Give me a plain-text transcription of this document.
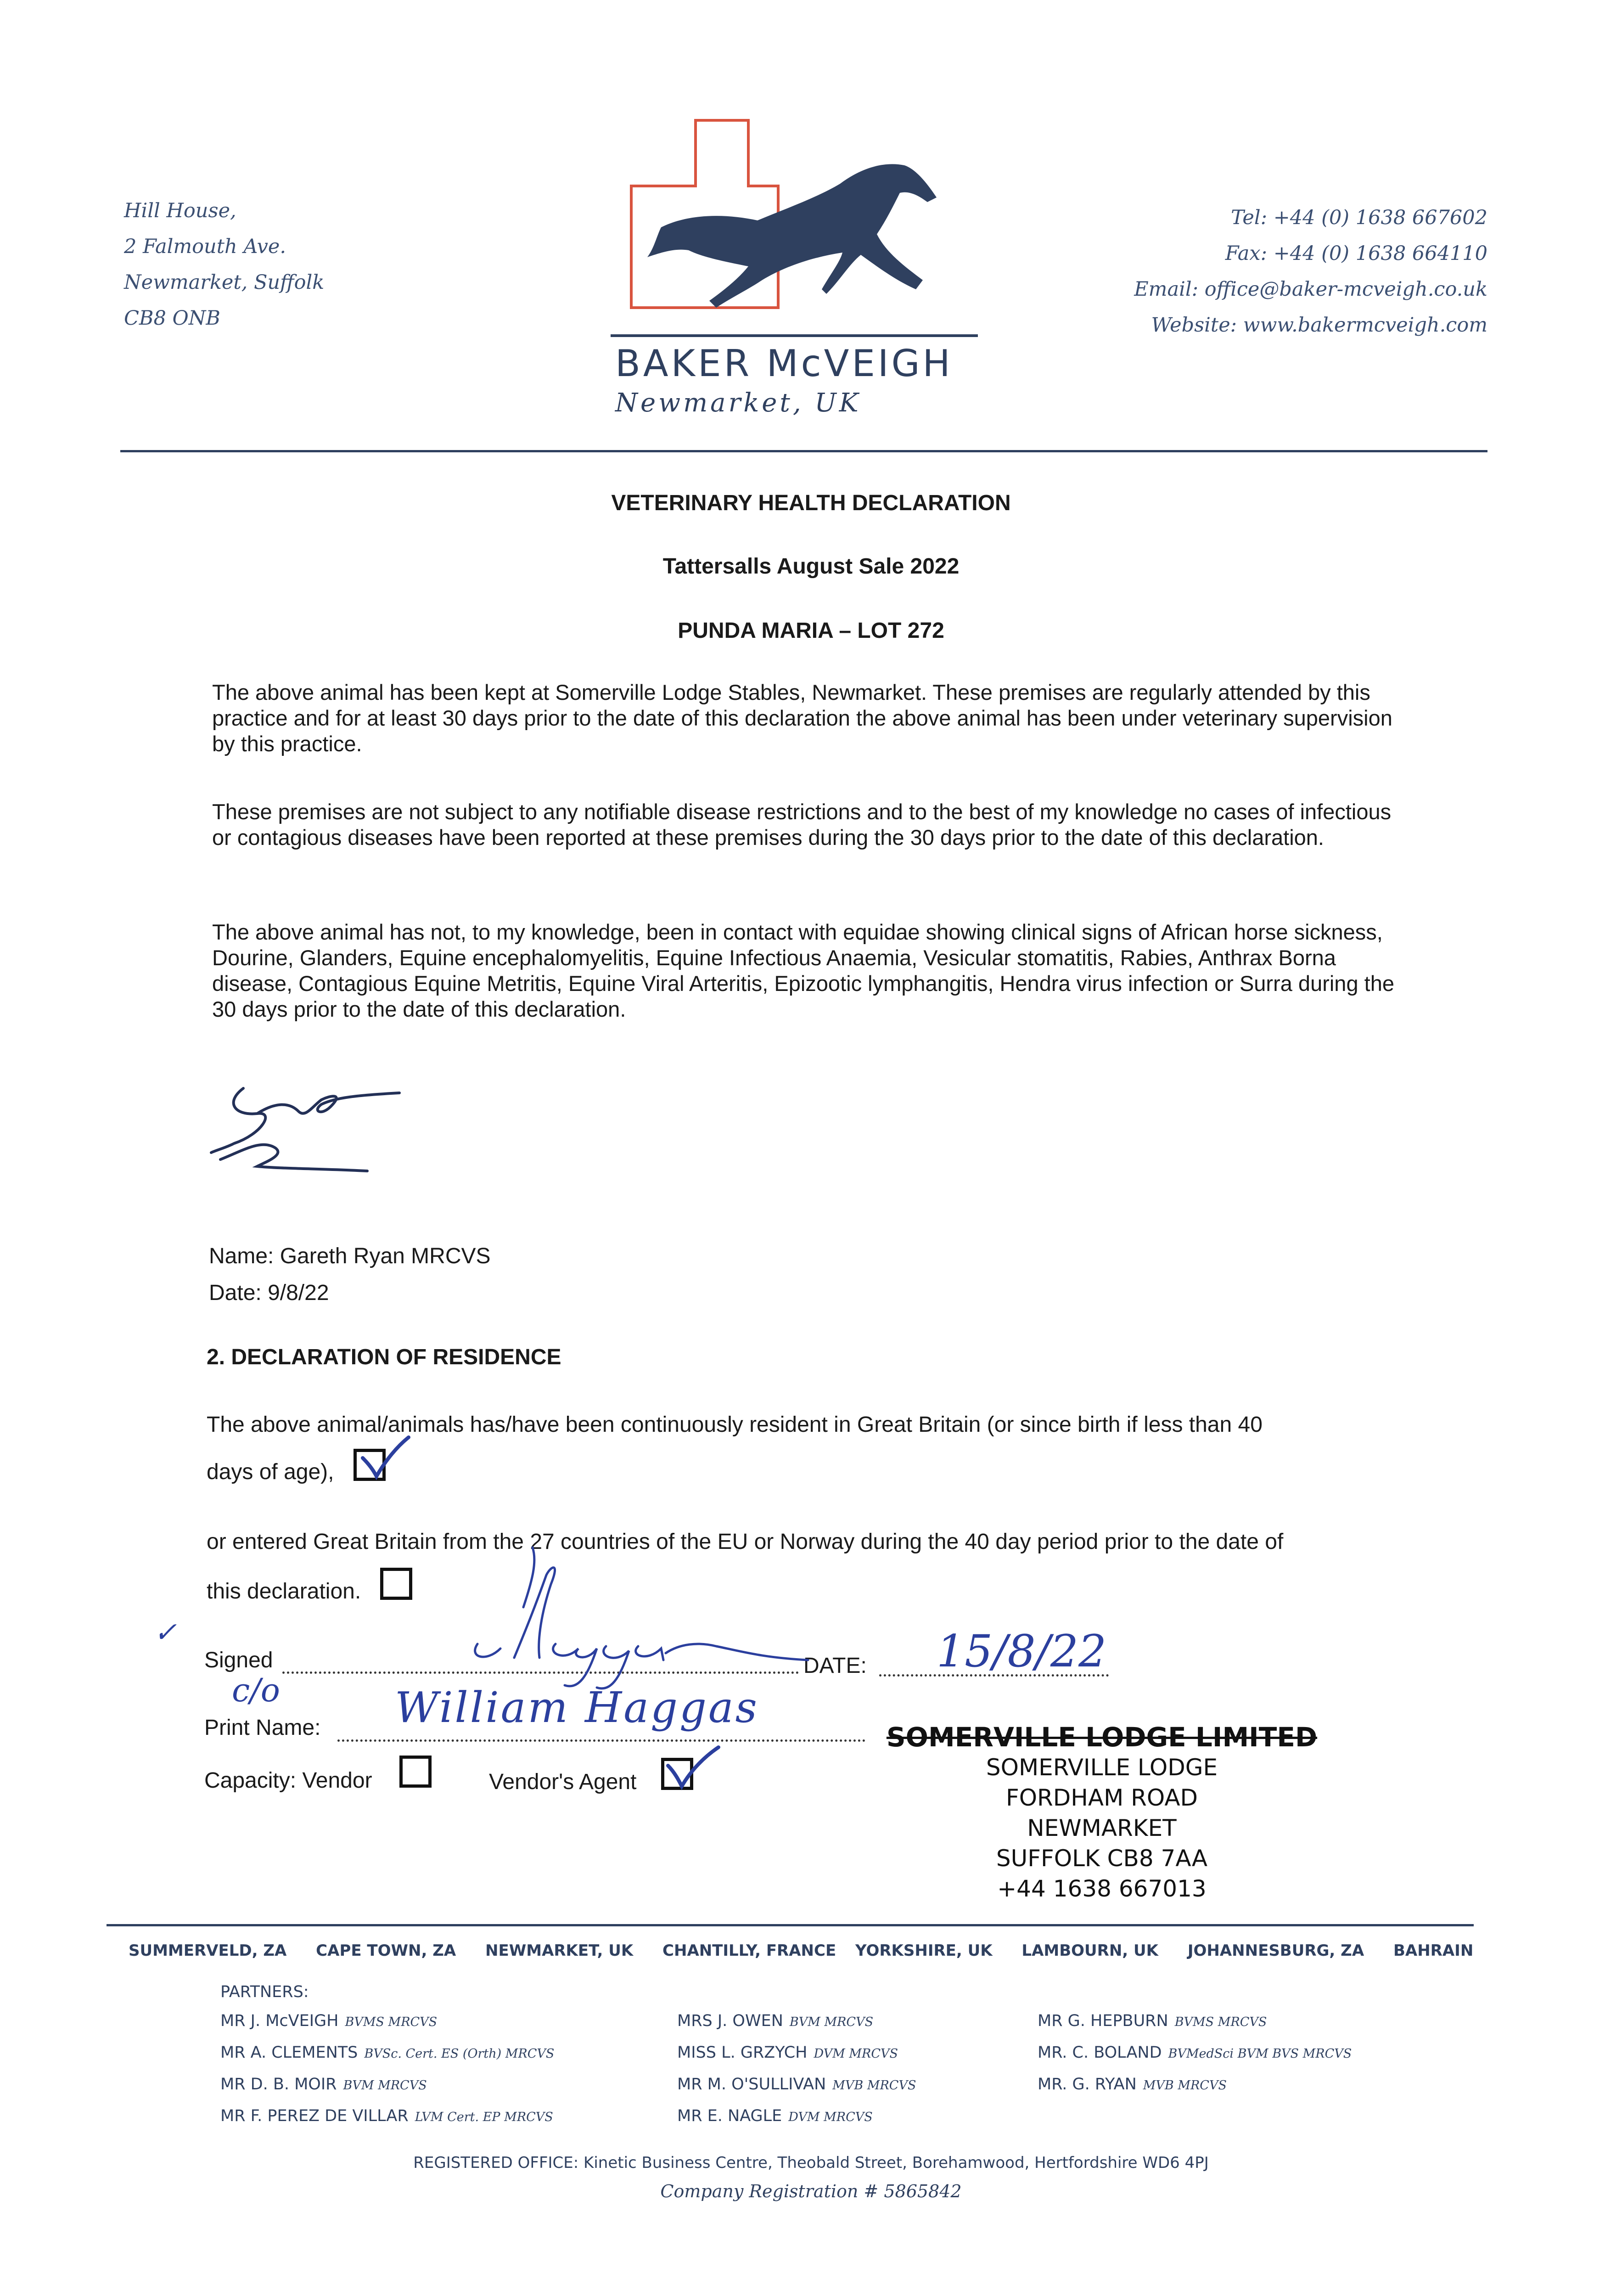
Hill House,
2 Falmouth Ave.
Newmarket, Suffolk
CB8 ONB
Tel: +44 (0) 1638 667602
Fax: +44 (0) 1638 664110
Email: office@baker-mcveigh.co.uk
Website: www.bakermcveigh.com
BAKER McVEIGH
Newmarket, UK
VETERINARY HEALTH DECLARATION
Tattersalls August Sale 2022
PUNDA MARIA – LOT 272
The above animal has been kept at Somerville Lodge Stables, Newmarket. These premises are regularly attended by this practice and for at least 30 days prior to the date of this declaration the above animal has been under veterinary supervision by this practice.
These premises are not subject to any notifiable disease restrictions and to the best of my knowledge no cases of infectious or contagious diseases have been reported at these premises during the 30 days prior to the date of this declaration.
The above animal has not, to my knowledge, been in contact with equidae showing clinical signs of African horse sickness, Dourine, Glanders, Equine encephalomyelitis, Equine Infectious Anaemia, Vesicular stomatitis, Rabies, Anthrax Borna disease, Contagious Equine Metritis, Equine Viral Arteritis, Epizootic lymphangitis, Hendra virus infection or Surra during the 30 days prior to the date of this declaration.
Name: Gareth Ryan MRCVS
Date: 9/8/22
2. DECLARATION OF RESIDENCE
The above animal/animals has/have been continuously resident in Great Britain (or since birth if less than 40
days of age),
or entered Great Britain from the 27 countries of the EU or Norway during the 40 day period prior to the date of
this declaration.
✓
Signed	DATE: 15/8/22
c/o
Print Name: William Haggas
Capacity: Vendor	Vendor's Agent
SOMERVILLE LODGE LIMITED
SOMERVILLE LODGE
FORDHAM ROAD
NEWMARKET
SUFFOLK CB8 7AA
+44 1638 667013
SUMMERVELD, ZA CAPE TOWN, ZA NEWMARKET, UK CHANTILLY, FRANCE YORKSHIRE, UK LAMBOURN, UK JOHANNESBURG, ZA BAHRAIN
PARTNERS:
MR J. McVEIGH BVMS MRCVS
MR A. CLEMENTS BVSc. Cert. ES (Orth) MRCVS
MR D. B. MOIR BVM MRCVS
MR F. PEREZ DE VILLAR LVM Cert. EP MRCVS
MRS J. OWEN BVM MRCVS
MISS L. GRZYCH DVM MRCVS
MR M. O'SULLIVAN MVB MRCVS
MR E. NAGLE DVM MRCVS
MR G. HEPBURN BVMS MRCVS
MR. C. BOLAND BVMedSci BVM BVS MRCVS
MR. G. RYAN MVB MRCVS
REGISTERED OFFICE: Kinetic Business Centre, Theobald Street, Borehamwood, Hertfordshire WD6 4PJ
Company Registration # 5865842
